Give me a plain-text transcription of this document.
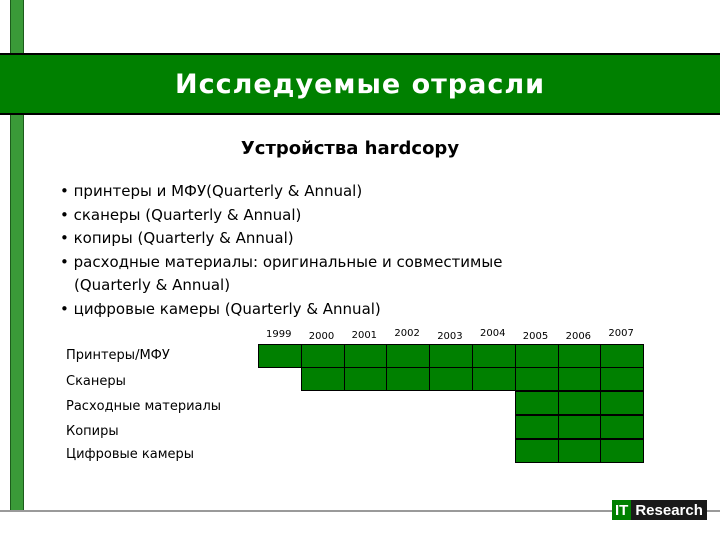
Исследуемые отрасли
Устройства hardcopy
• принтеры и МФУ(Quarterly & Annual)
• сканеры (Quarterly & Annual)
• копиры (Quarterly & Annual)
• расходные материалы: оригинальные и совместимые
(Quarterly & Annual)
• цифровые камеры (Quarterly & Annual)
1999 2000 2001 2002 2003 2004 2005 2006 2007
Принтеры/МФУ
Сканеры
Расходные материалы
Копиры
Цифровые камеры
IT Research
